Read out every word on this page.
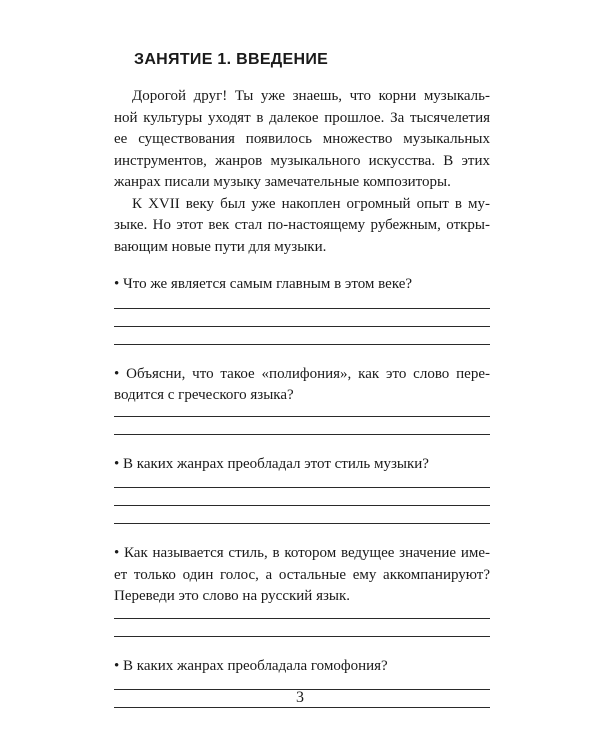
ЗАНЯТИЕ 1. ВВЕДЕНИЕ

Дорогой друг! Ты уже знаешь, что корни музыкаль-
ной культуры уходят в далекое прошлое. За тысячелетия
ее существования появилось множество музыкальных
инструментов, жанров музыкального искусства. В этих
жанрах писали музыку замечательные композиторы.

К XVII веку был уже накоплен огромный опыт в му-
зыке. Но этот век стал по-настоящему рубежным, откры-
вающим новые пути для музыки.

• Что же является самым главным в этом веке?

• Объясни, что такое «полифония», как это слово пере-
водится с греческого языка?

• В каких жанрах преобладал этот стиль музыки?

• Как называется стиль, в котором ведущее значение име-
ет только один голос, а остальные ему аккомпанируют?
Переведи это слово на русский язык.

• В каких жанрах преобладала гомофония?

3
